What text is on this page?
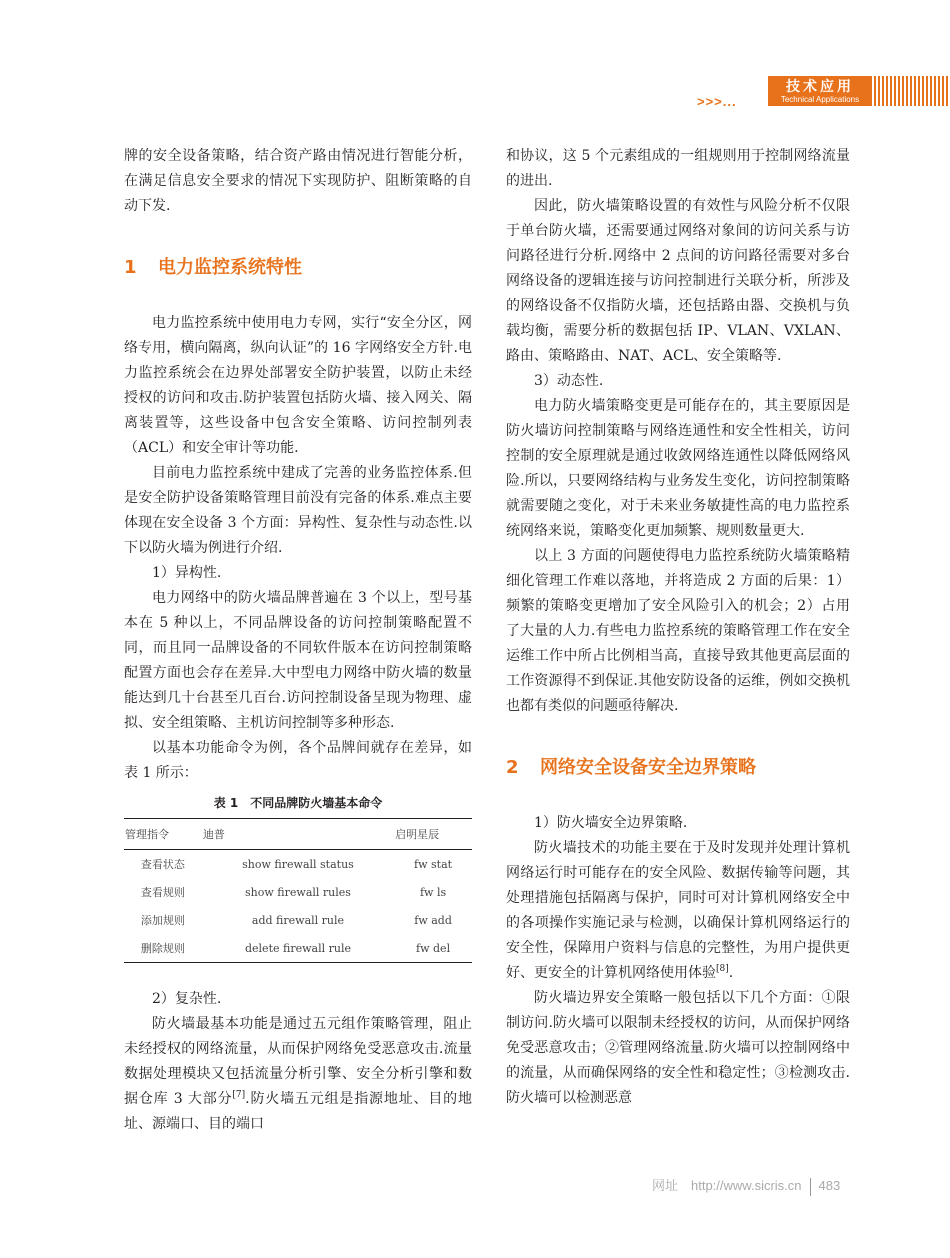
>>>...
技术应用
Technical Applications

牌的安全设备策略，结合资产路由情况进行智能分析，在满足信息安全要求的情况下实现防护、阻断策略的自动下发.

1 电力监控系统特性

电力监控系统中使用电力专网，实行“安全分区，网络专用，横向隔离，纵向认证”的 16 字网络安全方针.电力监控系统会在边界处部署安全防护装置，以防止未经授权的访问和攻击.防护装置包括防火墙、接入网关、隔离装置等，这些设备中包含安全策略、访问控制列表（ACL）和安全审计等功能.

目前电力监控系统中建成了完善的业务监控体系.但是安全防护设备策略管理目前没有完备的体系.难点主要体现在安全设备 3 个方面：异构性、复杂性与动态性.以下以防火墙为例进行介绍.

1）异构性.

电力网络中的防火墙品牌普遍在 3 个以上，型号基本在 5 种以上，不同品牌设备的访问控制策略配置不同，而且同一品牌设备的不同软件版本在访问控制策略配置方面也会存在差异.大中型电力网络中防火墙的数量能达到几十台甚至几百台.访问控制设备呈现为物理、虚拟、安全组策略、主机访问控制等多种形态.

以基本功能命令为例，各个品牌间就存在差异，如表 1 所示：

表 1　不同品牌防火墙基本命令
管理指令	迪普	启明星辰
查看状态	show firewall status	fw stat
查看规则	show firewall rules	fw ls
添加规则	add firewall rule	fw add
删除规则	delete firewall rule	fw del

2）复杂性.

防火墙最基本功能是通过五元组作策略管理，阻止未经授权的网络流量，从而保护网络免受恶意攻击.流量数据处理模块又包括流量分析引擎、安全分析引擎和数据仓库 3 大部分[7].防火墙五元组是指源地址、目的地址、源端口、目的端口

和协议，这 5 个元素组成的一组规则用于控制网络流量的进出.

因此，防火墙策略设置的有效性与风险分析不仅限于单台防火墙，还需要通过网络对象间的访问关系与访问路径进行分析.网络中 2 点间的访问路径需要对多台网络设备的逻辑连接与访问控制进行关联分析，所涉及的网络设备不仅指防火墙，还包括路由器、交换机与负载均衡，需要分析的数据包括 IP、VLAN、VXLAN、路由、策略路由、NAT、ACL、安全策略等.

3）动态性.

电力防火墙策略变更是可能存在的，其主要原因是防火墙访问控制策略与网络连通性和安全性相关，访问控制的安全原理就是通过收敛网络连通性以降低网络风险.所以，只要网络结构与业务发生变化，访问控制策略就需要随之变化，对于未来业务敏捷性高的电力监控系统网络来说，策略变化更加频繁、规则数量更大.

以上 3 方面的问题使得电力监控系统防火墙策略精细化管理工作难以落地，并将造成 2 方面的后果：1）频繁的策略变更增加了安全风险引入的机会；2）占用了大量的人力.有些电力监控系统的策略管理工作在安全运维工作中所占比例相当高，直接导致其他更高层面的工作资源得不到保证.其他安防设备的运维，例如交换机也都有类似的问题亟待解决.

2 网络安全设备安全边界策略

1）防火墙安全边界策略.

防火墙技术的功能主要在于及时发现并处理计算机网络运行时可能存在的安全风险、数据传输等问题，其处理措施包括隔离与保护，同时可对计算机网络安全中的各项操作实施记录与检测，以确保计算机网络运行的安全性，保障用户资料与信息的完整性，为用户提供更好、更安全的计算机网络使用体验[8].

防火墙边界安全策略一般包括以下几个方面：①限制访问.防火墙可以限制未经授权的访问，从而保护网络免受恶意攻击；②管理网络流量.防火墙可以控制网络中的流量，从而确保网络的安全性和稳定性；③检测攻击.防火墙可以检测恶意

网址　http://www.sicris.cn 483
